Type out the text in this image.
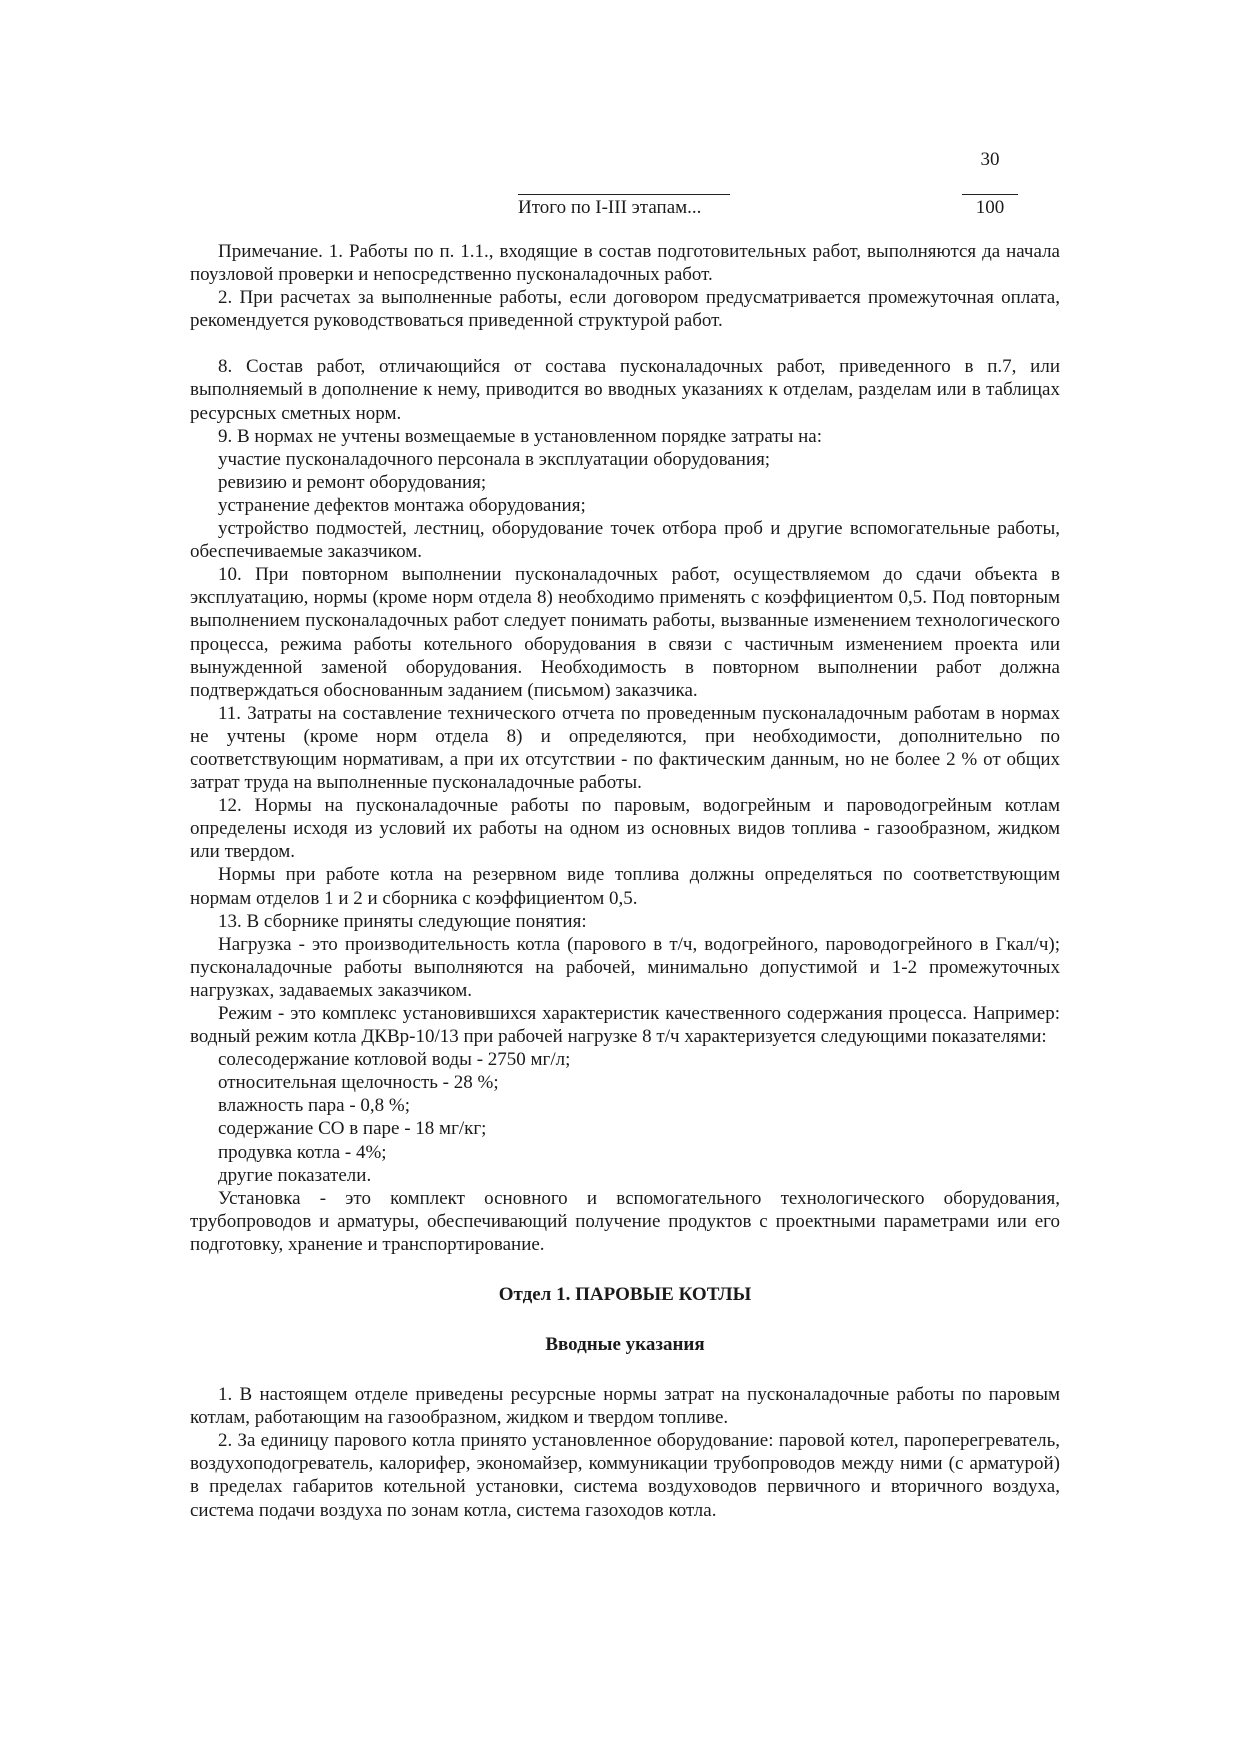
30
Итого по I-III этапам...	100

Примечание. 1. Работы по п. 1.1., входящие в состав подготовительных работ, выполняются да начала поузловой проверки и непосредственно пусконаладочных работ.

2. При расчетах за выполненные работы, если договором предусматривается промежуточная оплата, рекомендуется руководствоваться приведенной структурой работ.

8. Состав работ, отличающийся от состава пусконаладочных работ, приведенного в п.7, или выполняемый в дополнение к нему, приводится во вводных указаниях к отделам, разделам или в таблицах ресурсных сметных норм.

9. В нормах не учтены возмещаемые в установленном порядке затраты на:

участие пусконаладочного персонала в эксплуатации оборудования;

ревизию и ремонт оборудования;

устранение дефектов монтажа оборудования;

устройство подмостей, лестниц, оборудование точек отбора проб и другие вспомогательные работы, обеспечиваемые заказчиком.

10. При повторном выполнении пусконаладочных работ, осуществляемом до сдачи объекта в эксплуатацию, нормы (кроме норм отдела 8) необходимо применять с коэффициентом 0,5. Под повторным выполнением пусконаладочных работ следует понимать работы, вызванные изменением технологического процесса, режима работы котельного оборудования в связи с частичным изменением проекта или вынужденной заменой оборудования. Необходимость в повторном выполнении работ должна подтверждаться обоснованным заданием (письмом) заказчика.

11. Затраты на составление технического отчета по проведенным пусконаладочным работам в нормах не учтены (кроме норм отдела 8) и определяются, при необходимости, дополнительно по соответствующим нормативам, а при их отсутствии - по фактическим данным, но не более 2 % от общих затрат труда на выполненные пусконаладочные работы.

12. Нормы на пусконаладочные работы по паровым, водогрейным и пароводогрейным котлам определены исходя из условий их работы на одном из основных видов топлива - газообразном, жидком или твердом.

Нормы при работе котла на резервном виде топлива должны определяться по соответствующим нормам отделов 1 и 2 и сборника с коэффициентом 0,5.

13. В сборнике приняты следующие понятия:

Нагрузка - это производительность котла (парового в т/ч, водогрейного, пароводогрейного в Гкал/ч); пусконаладочные работы выполняются на рабочей, минимально допустимой и 1-2 промежуточных нагрузках, задаваемых заказчиком.

Режим - это комплекс установившихся характеристик качественного содержания процесса. Например: водный режим котла ДКВр-10/13 при рабочей нагрузке 8 т/ч характеризуется следующими показателями:

солесодержание котловой воды - 2750 мг/л;

относительная щелочность - 28 %;

влажность пара - 0,8 %;

содержание СО в паре - 18 мг/кг;

продувка котла - 4%;

другие показатели.

Установка - это комплект основного и вспомогательного технологического оборудования, трубопроводов и арматуры, обеспечивающий получение продуктов с проектными параметрами или его подготовку, хранение и транспортирование.

Отдел 1. ПАРОВЫЕ КОТЛЫ

Вводные указания

1. В настоящем отделе приведены ресурсные нормы затрат на пусконаладочные работы по паровым котлам, работающим на газообразном, жидком и твердом топливе.

2. За единицу парового котла принято установленное оборудование: паровой котел, пароперегреватель, воздухоподогреватель, калорифер, экономайзер, коммуникации трубопроводов между ними (с арматурой) в пределах габаритов котельной установки, система воздуховодов первичного и вторичного воздуха, система подачи воздуха по зонам котла, система газоходов котла.
